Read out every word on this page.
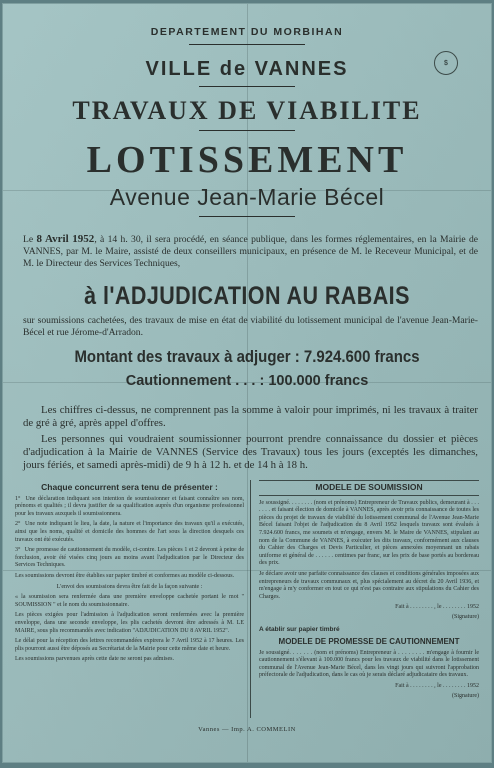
DEPARTEMENT DU MORBIHAN
$
VILLE de VANNES
TRAVAUX DE VIABILITE
LOTISSEMENT
Avenue Jean-Marie Bécel
Le 8 Avril 1952, à 14 h. 30, il sera procédé, en séance publique, dans les formes réglementaires, en la Mairie de VANNES, par M. le Maire, assisté de deux conseillers municipaux, en présence de M. le Receveur Municipal, et de M. le Directeur des Services Techniques,
à l'ADJUDICATION AU RABAIS
sur soumissions cachetées, des travaux de mise en état de viabilité du lotissement municipal de l'avenue Jean-Marie-Bécel et rue Jérome-d'Arradon.
Montant des travaux à adjuger : 7.924.600 francs
Cautionnement . . . : 100.000 francs
Les chiffres ci-dessus, ne comprennent pas la somme à valoir pour imprimés, ni les travaux à traiter de gré à gré, après appel d'offres.
Les personnes qui voudraient soumissionner pourront prendre connaissance du dossier et pièces d'adjudication à la Mairie de VANNES (Service des Travaux) tous les jours (exceptés les dimanches, jours fériés, et samedi après-midi) de 9 h à 12 h. et de 14 h à 18 h.
Chaque concurrent sera tenu de présenter :
1° Une déclaration indiquant son intention de soumissionner et faisant connaître ses nom, prénoms et qualités ; il devra justifier de sa qualification auprès d'un organisme professionnel pour les travaux auxquels il soumissionnera.
2° Une note indiquant le lieu, la date, la nature et l'importance des travaux qu'il a exécutés, ainsi que les noms, qualité et domicile des hommes de l'art sous la direction desquels ces travaux ont été exécutés.
3° Une promesse de cautionnement du modèle, ci-contre. Les pièces 1 et 2 devront à peine de forclusion, avoir été visées cinq jours au moins avant l'adjudication par le Directeur des Services Techniques.
Les soumissions devront être établies sur papier timbré et conformes au modèle ci-dessous.
L'envoi des soumissions devra être fait de la façon suivante :
« la soumission sera renfermée dans une première enveloppe cachetée portant le mot " SOUMISSION " et le nom du soumissionnaire.
Les pièces exigées pour l'admission à l'adjudication seront renfermées avec la première enveloppe, dans une seconde enveloppe, les plis cachetés devront être adressés à M. LE MAIRE, sous plis recommandés avec indication "ADJUDICATION DU 8 AVRIL 1952".
Le délai pour la réception des lettres recommandées expirera le 7 Avril 1952 à 17 heures. Les plis pourront aussi être déposés au Secrétariat de la Mairie pour cette même date et heure.
Les soumissions parvenues après cette date ne seront pas admises.
MODELE DE SOUMISSION
Je soussigné. . . . . . . . (nom et prénoms) Entrepreneur de Travaux publics, demeurant à . . . . . . . et faisant élection de domicile à VANNES, après avoir pris connaissance de toutes les pièces du projet de travaux de viabilité du lotissement communal de l'Avenue Jean-Marie Bécel faisant l'objet de l'adjudication du 8 Avril 1952 lesquels travaux sont évalués à 7.924.600 francs, me soumets et m'engage, envers M. le Maire de VANNES, stipulant au nom de la Commune de VANNES, à exécuter les dits travaux, conformément aux clauses du Cahier des Charges et Devis Particulier, et pièces annexées moyennant un rabais uniforme et général de . . . . . . centimes par franc, sur les prix de base portés au bordereau des prix.
Je déclare avoir une parfaite connaissance des clauses et conditions générales imposées aux entrepreneurs de travaux communaux et, plus spécialement au décret du 20 Avril 1936, et m'engage à m'y conformer en tout ce qui n'est pas contraire aux stipulations du Cahier des Charges.
Fait à . . . . . . . . , le . . . . . . . . 1952
(Signature)
A établir sur papier timbré
MODELE DE PROMESSE DE CAUTIONNEMENT
Je soussigné. . . . . . . (nom et prénoms) Entrepreneur à . . . . . . . . m'engage à fournir le cautionnement s'élevant à 100.000 francs pour les travaux de viabilité dans le lotissement communal de l'Avenue Jean-Marie Bécel, dans les vingt jours qui suivront l'approbation préfectorale de l'adjudication, dans le cas où je serais déclaré adjudicataire des travaux.
Fait à . . . . . . . . , le . . . . . . . . 1952
(Signature)
Vannes — Imp. A. COMMELIN
